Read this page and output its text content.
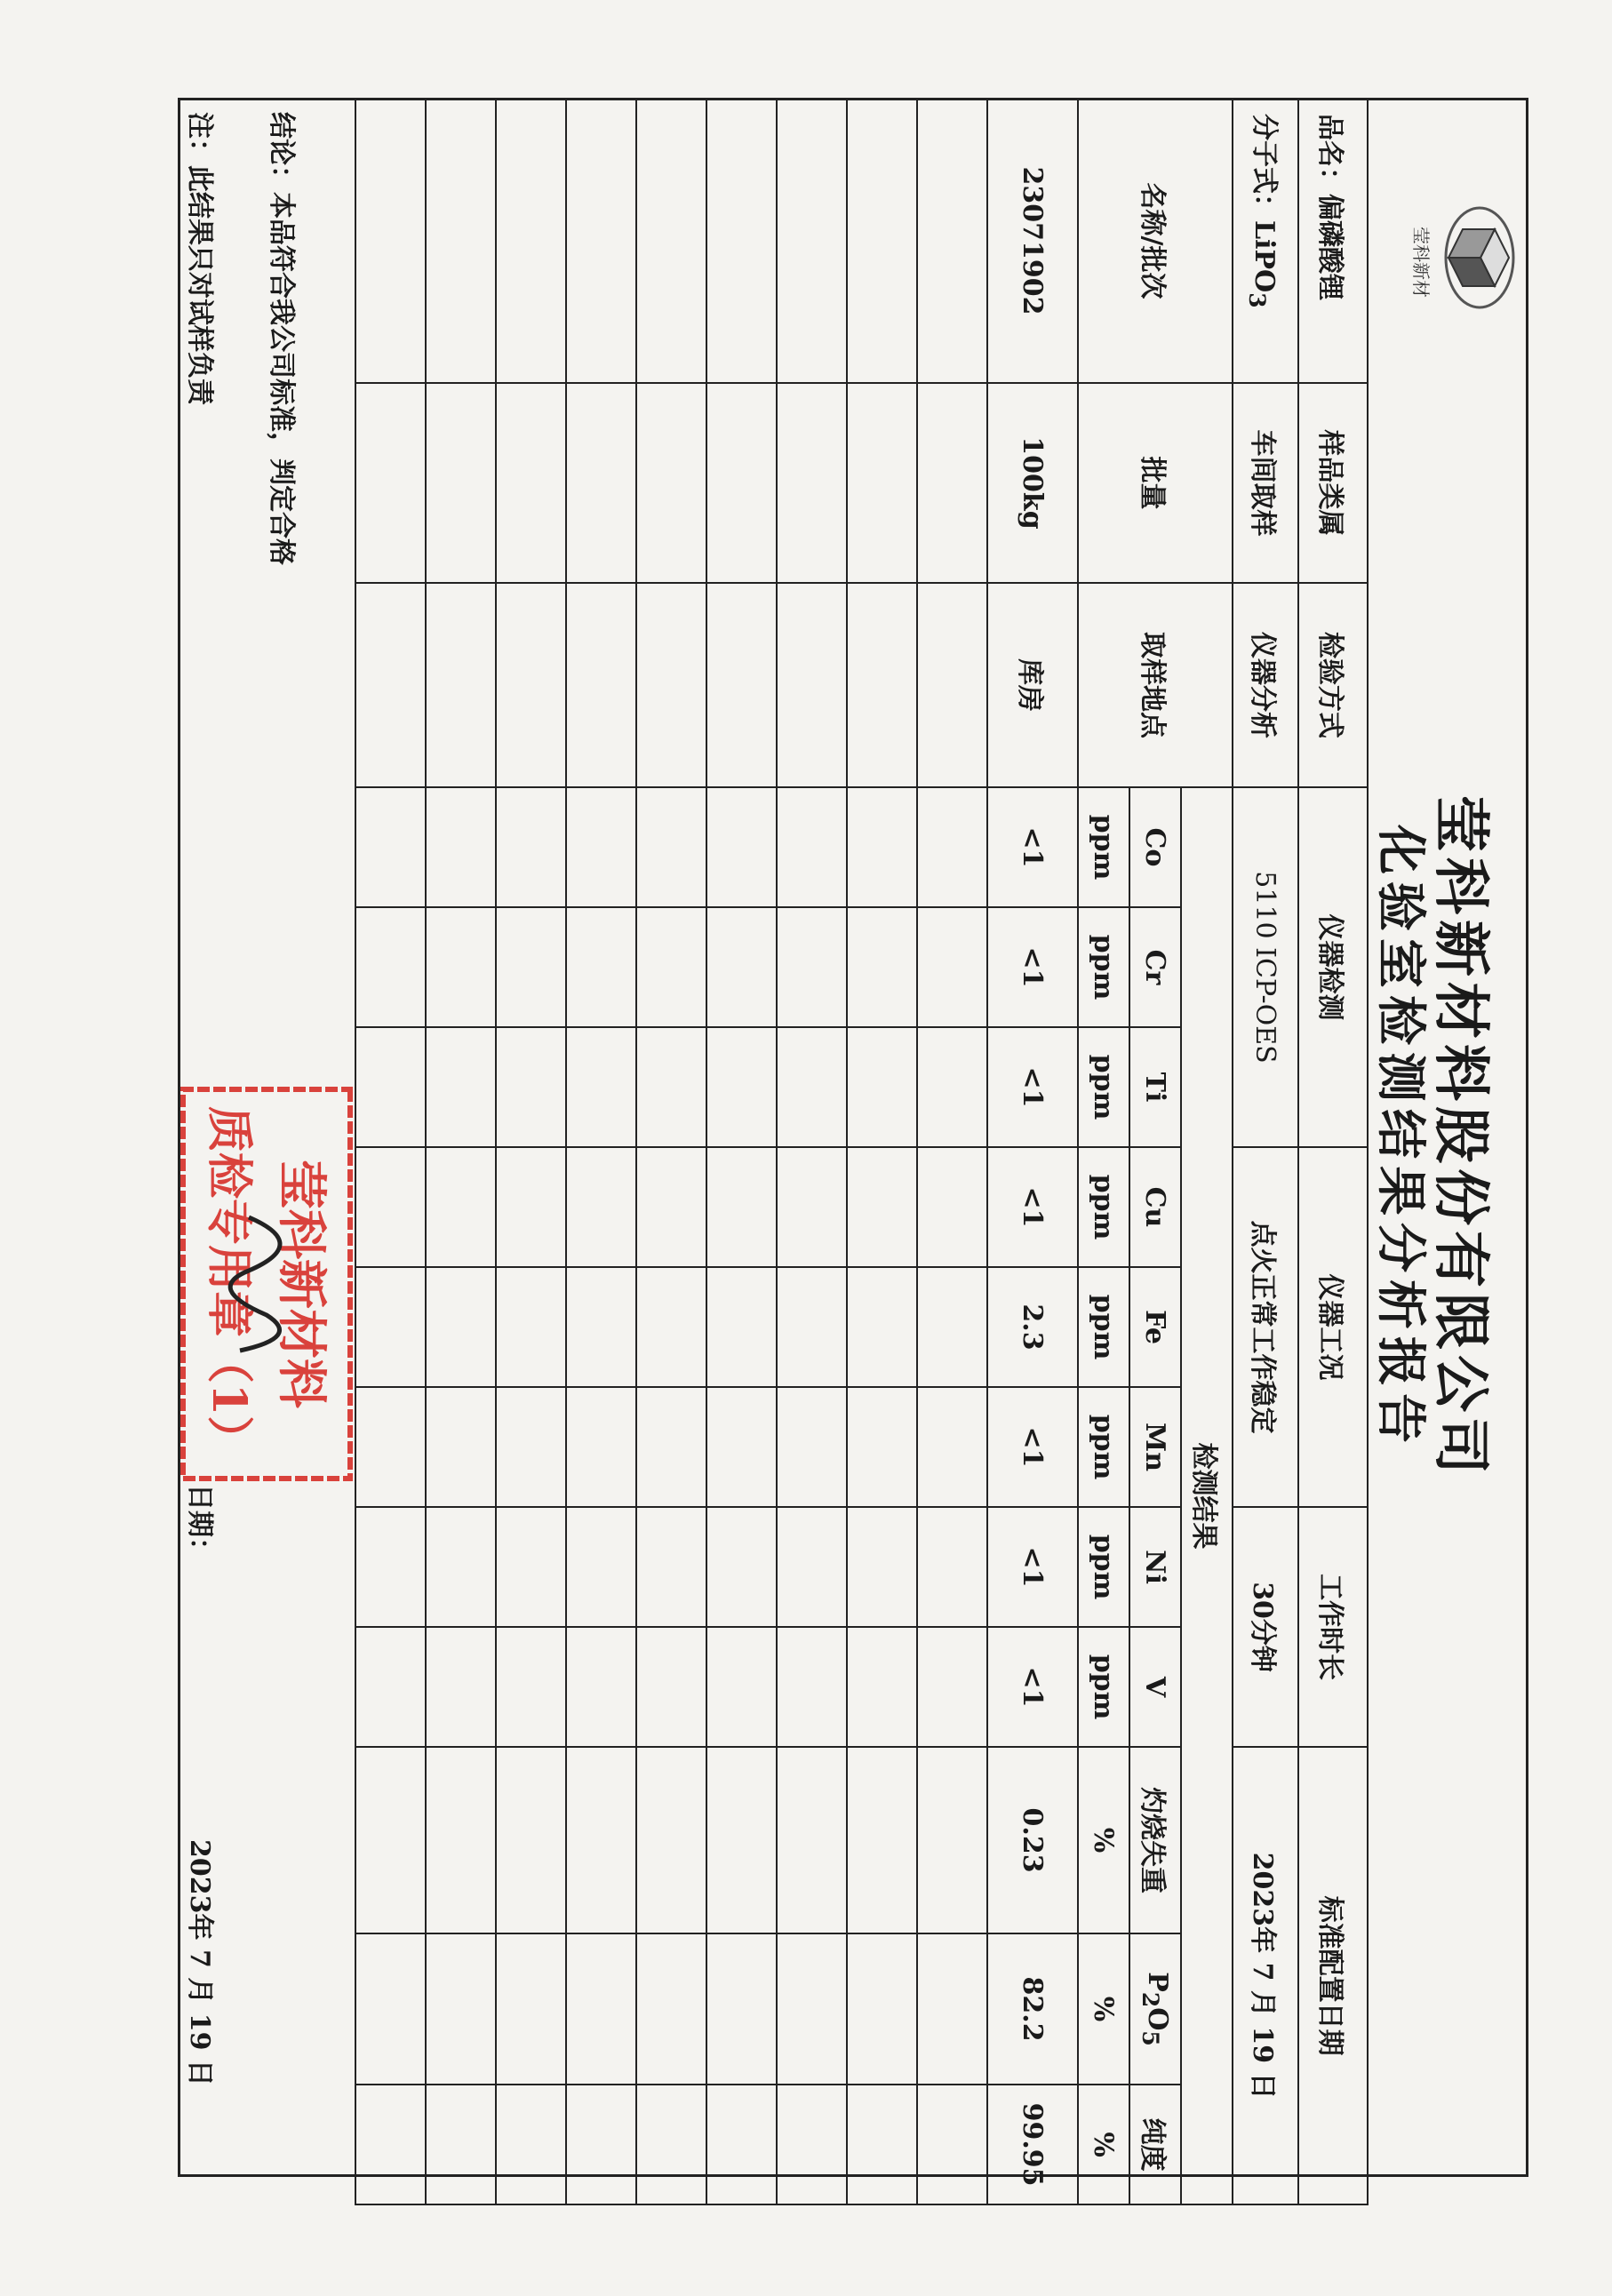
莹科新材
莹科新材料股份有限公司
化验室检测结果分析报告
品名：偏磷酸锂	样品类属	检验方式	仪器检测			仪器工况			工作时长		标准配置日期		
分子式：LiPO$_3$	车间取样	仪器分析	5110 ICP-OES			点火正常工作稳定			30分钟		2023年 7 月 19 日		
名称/批次	批量	取样地点	检测结果										
			Co	Cr	Ti	Cu	Fe	Mn	Ni	V	灼烧失重	$P_2O_5$	纯度
			ppm	ppm	ppm	ppm	ppm	ppm	ppm	ppm	%	%	%
23071902	100kg	库房	<1	<1	<1	<1	2.3	<1	<1	<1	0.23	82.2	99.95

结论：本品符合我公司标准，判定合格
注：此结果只对试样负责
日期：
2023年 7 月 19 日
莹科新材料
质检专用章（1）
